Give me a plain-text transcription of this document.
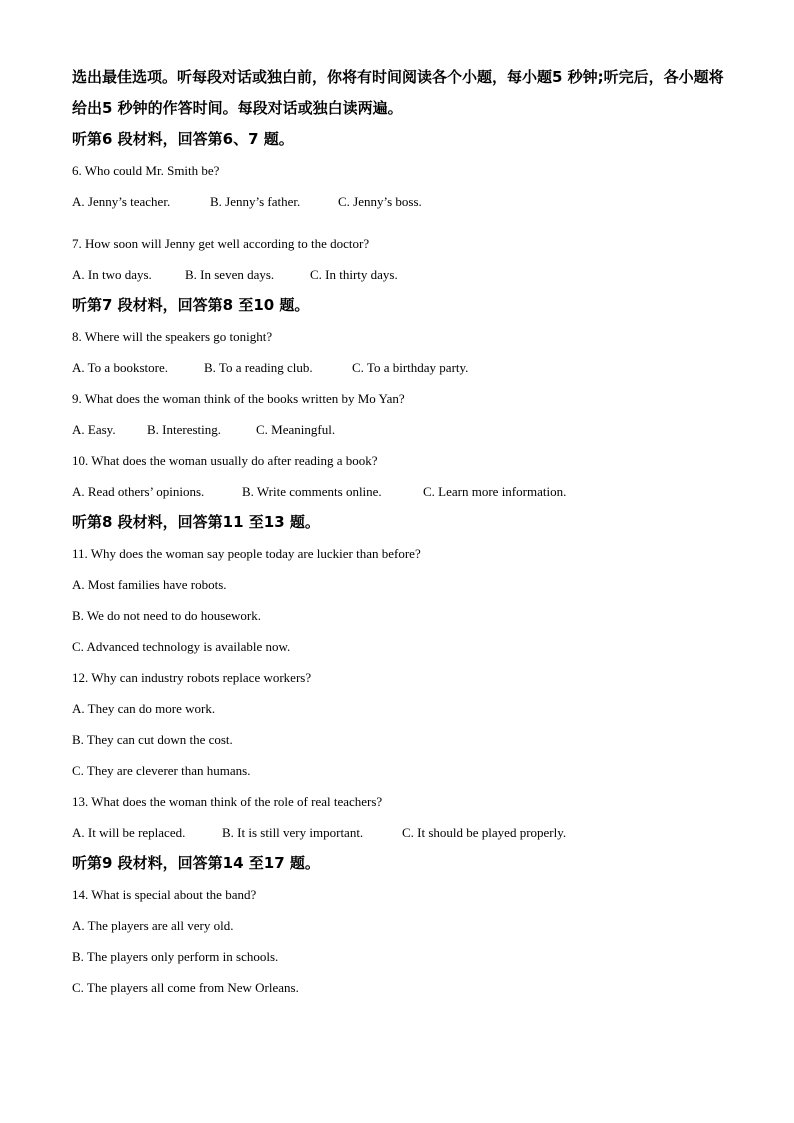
选出最佳选项。听每段对话或独白前，你将有时间阅读各个小题，每小题5 秒钟;听完后，各小题将给出5 秒钟的作答时间。每段对话或独白读两遍。

听第6 段材料，回答第6、7 题。

6. Who could Mr. Smith be?

A. Jenny’s teacher.	B. Jenny’s father.	C. Jenny’s boss.

7. How soon will Jenny get well according to the doctor?

A. In two days.	B. In seven days.	C. In thirty days.

听第7 段材料，回答第8 至10 题。

8. Where will the speakers go tonight?

A. To a bookstore.	B. To a reading club.	C. To a birthday party.

9. What does the woman think of the books written by Mo Yan?

A. Easy. B. Interesting.	C. Meaningful.

10. What does the woman usually do after reading a book?

A. Read others’ opinions.	B. Write comments online.	C. Learn more information.

听第8 段材料，回答第11 至13 题。

11. Why does the woman say people today are luckier than before?

A. Most families have robots.

B. We do not need to do housework.

C. Advanced technology is available now.

12. Why can industry robots replace workers?

A. They can do more work.

B. They can cut down the cost.

C. They are cleverer than humans.

13. What does the woman think of the role of real teachers?

A. It will be replaced.	B. It is still very important.	C. It should be played properly.

听第9 段材料，回答第14 至17 题。

14. What is special about the band?

A. The players are all very old.

B. The players only perform in schools.

C. The players all come from New Orleans.
